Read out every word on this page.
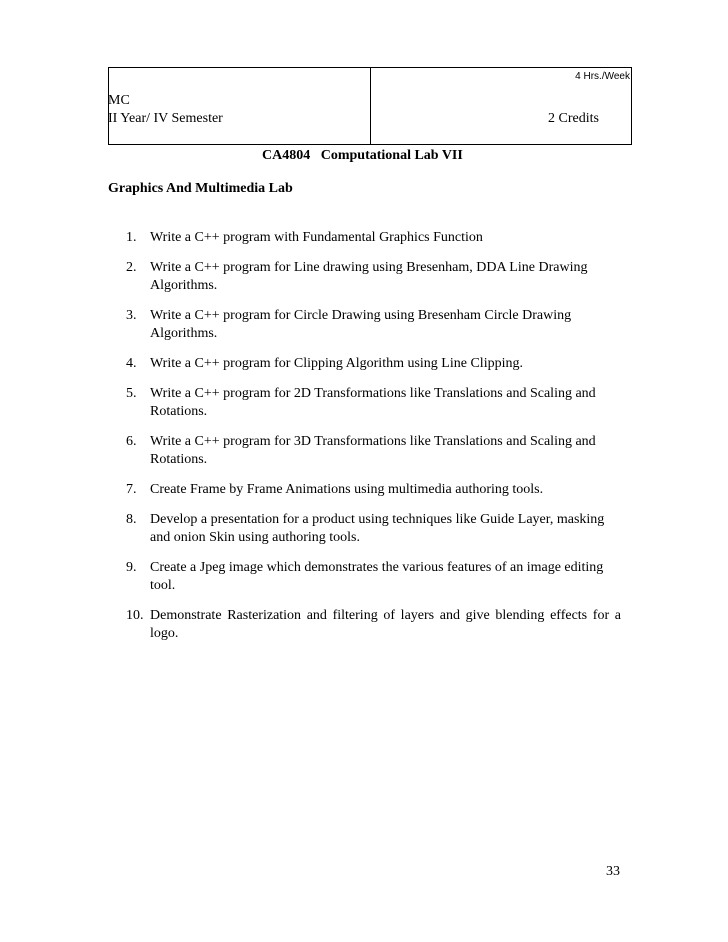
4 Hrs./Week
MC
II Year/ IV Semester	2 Credits
CA4804   Computational Lab VII
Graphics And Multimedia Lab
1. Write a C++ program with Fundamental Graphics Function
2. Write a C++ program for Line drawing using Bresenham, DDA Line Drawing Algorithms.
3. Write a C++ program for Circle Drawing using Bresenham Circle Drawing Algorithms.
4. Write a C++ program for Clipping Algorithm using Line Clipping.
5. Write a C++ program for 2D Transformations like Translations and Scaling and Rotations.
6. Write a C++ program for 3D Transformations like Translations and Scaling and Rotations.
7. Create Frame by Frame Animations using multimedia authoring tools.
8. Develop a presentation for a product using techniques like Guide Layer, masking and onion Skin using authoring tools.
9. Create a Jpeg image which demonstrates the various features of an image editing tool.
10. Demonstrate Rasterization and filtering of layers and give blending effects for a logo.
33
